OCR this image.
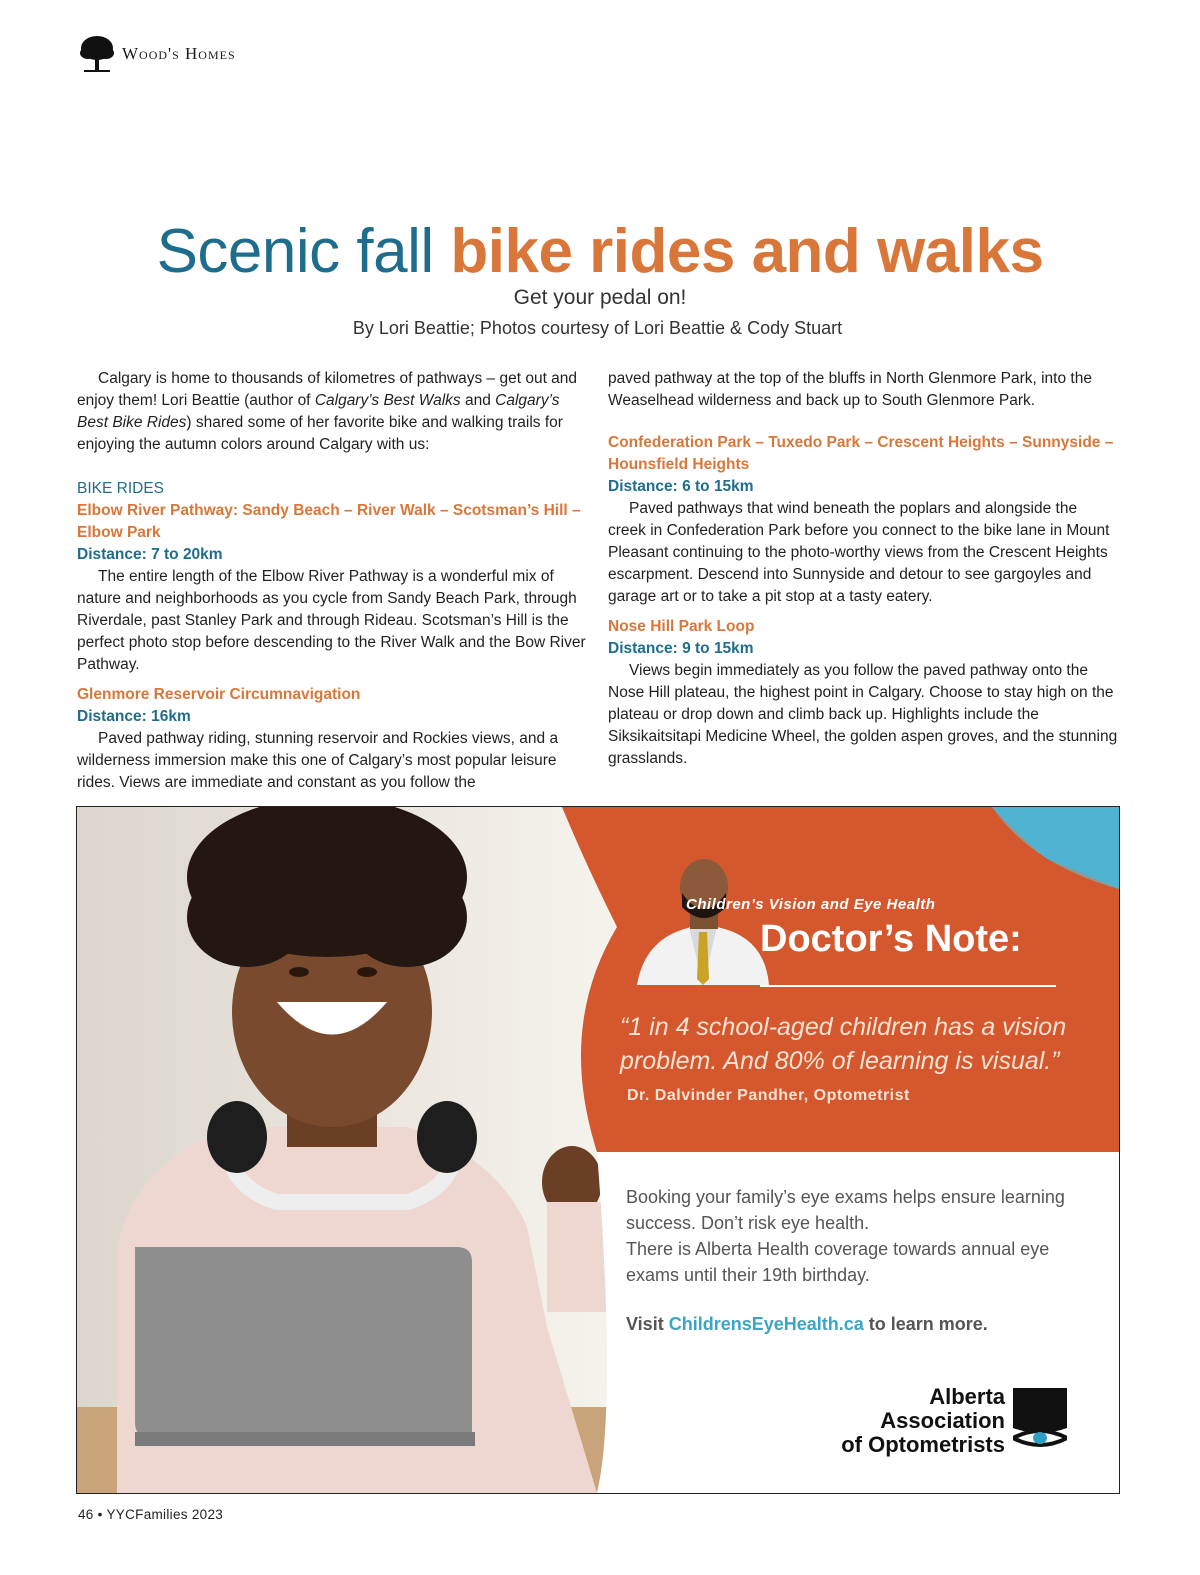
Wood's Homes
Scenic fall bike rides and walks
Get your pedal on!
By Lori Beattie; Photos courtesy of Lori Beattie & Cody Stuart

Calgary is home to thousands of kilometres of pathways – get out and enjoy them! Lori Beattie (author of Calgary’s Best Walks and Calgary’s Best Bike Rides) shared some of her favorite bike and walking trails for enjoying the autumn colors around Calgary with us:

BIKE RIDES

Elbow River Pathway: Sandy Beach – River Walk – Scotsman’s Hill – Elbow Park

Distance: 7 to 20km

The entire length of the Elbow River Pathway is a wonderful mix of nature and neighborhoods as you cycle from Sandy Beach Park, through Riverdale, past Stanley Park and through Rideau. Scotsman’s Hill is the perfect photo stop before descending to the River Walk and the Bow River Pathway.

Glenmore Reservoir Circumnavigation

Distance: 16km

Paved pathway riding, stunning reservoir and Rockies views, and a wilderness immersion make this one of Calgary’s most popular leisure rides. Views are immediate and constant as you follow the

paved pathway at the top of the bluffs in North Glenmore Park, into the Weaselhead wilderness and back up to South Glenmore Park.

Confederation Park – Tuxedo Park – Crescent Heights – Sunnyside – Hounsfield Heights

Distance: 6 to 15km

Paved pathways that wind beneath the poplars and alongside the creek in Confederation Park before you connect to the bike lane in Mount Pleasant continuing to the photo-worthy views from the Crescent Heights escarpment. Descend into Sunnyside and detour to see gargoyles and garage art or to take a pit stop at a tasty eatery.

Nose Hill Park Loop

Distance: 9 to 15km

Views begin immediately as you follow the paved pathway onto the Nose Hill plateau, the highest point in Calgary. Choose to stay high on the plateau or drop down and climb back up. Highlights include the Siksikaitsitapi Medicine Wheel, the golden aspen groves, and the stunning grasslands.

Children’s Vision and Eye Health
Doctor’s Note:
“1 in 4 school-aged children has a vision problem. And 80% of learning is visual.”
Dr. Dalvinder Pandher, Optometrist

Booking your family’s eye exams helps ensure learning success. Don’t risk eye health.

There is Alberta Health coverage towards annual eye exams until their 19th birthday.

Visit ChildrensEyeHealth.ca to learn more.
Alberta
Association
of Optometrists
46 • YYCFamilies 2023
